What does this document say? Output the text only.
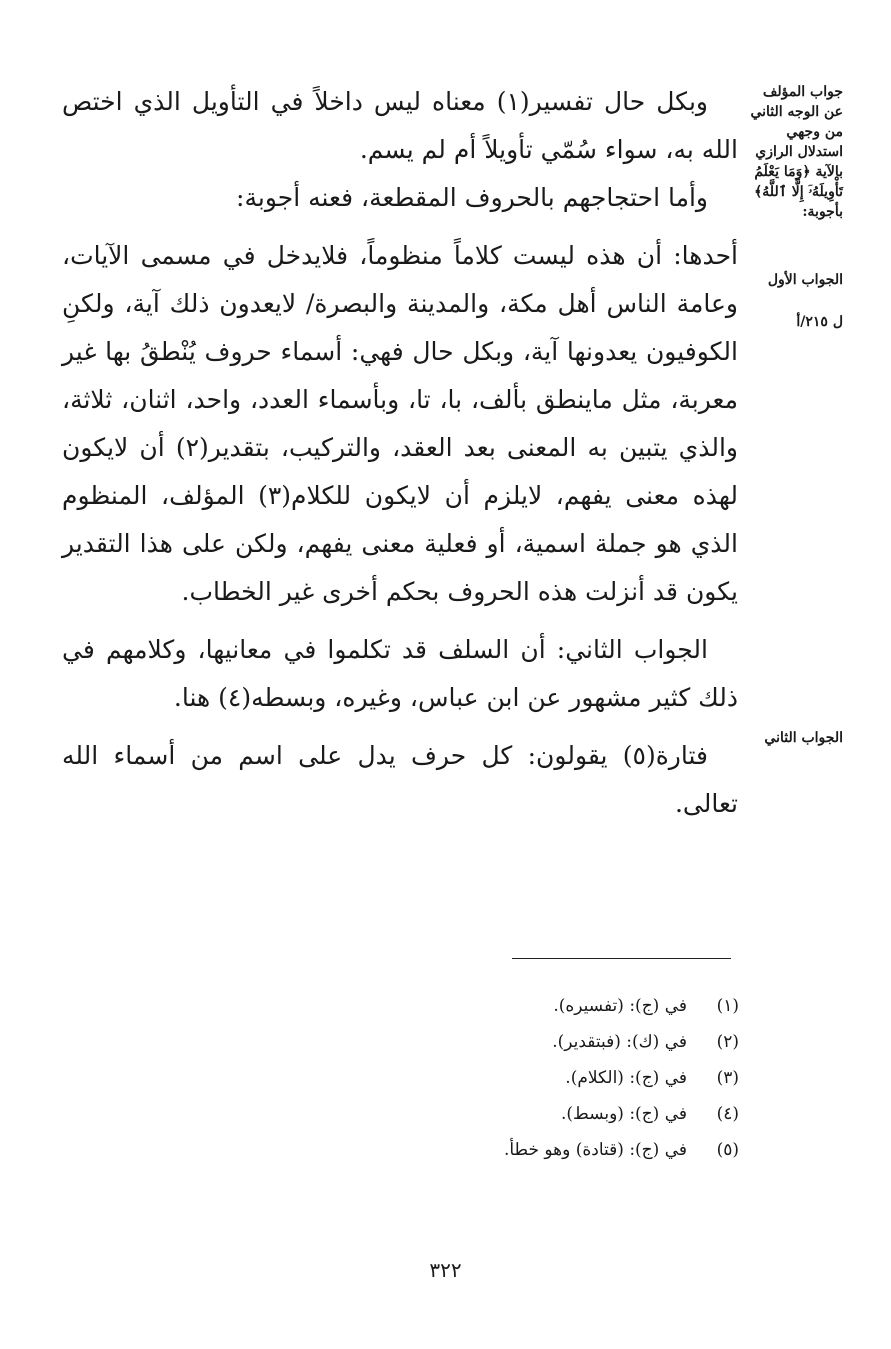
جواب المؤلف عن الوجه الثاني من وجهي استدلال الرازي بالآية ﴿وَمَا يَعْلَمُ تَأْوِيلَهُۥٓ إِلَّا ٱللَّهُ﴾ بأجوبة:
الجواب الأول
ل ٢١٥/أ
الجواب الثاني

وبكل حال تفسير(١) معناه ليس داخلاً في التأويل الذي اختص الله به، سواء سُمّي تأويلاً أم لم يسم.

وأما احتجاجهم بالحروف المقطعة، فعنه أجوبة:

أحدها: أن هذه ليست كلاماً منظوماً، فلايدخل في مسمى الآيات، وعامة الناس أهل مكة، والمدينة والبصرة/ لايعدون ذلك آية، ولكنِ الكوفيون يعدونها آية، وبكل حال فهي: أسماء حروف يُنْطقُ بها غير معربة، مثل ماينطق بألف، با، تا، وبأسماء العدد، واحد، اثنان، ثلاثة، والذي يتبين به المعنى بعد العقد، والتركيب، بتقدير(٢) أن لايكون لهذه معنى يفهم، لايلزم أن لايكون للكلام(٣) المؤلف، المنظوم الذي هو جملة اسمية، أو فعلية معنى يفهم، ولكن على هذا التقدير يكون قد أنزلت هذه الحروف بحكم أخرى غير الخطاب.

الجواب الثاني: أن السلف قد تكلموا في معانيها، وكلامهم في ذلك كثير مشهور عن ابن عباس، وغيره، وبسطه(٤) هنا.

فتارة(٥) يقولون: كل حرف يدل على اسم من أسماء الله تعالى.

(١)
في (ج): (تفسيره).
(٢)
في (ك): (فبتقدير).
(٣)
في (ج): (الكلام).
(٤)
في (ج): (وبسط).
(٥)
في (ج): (قتادة) وهو خطأ.
٣٢٢
